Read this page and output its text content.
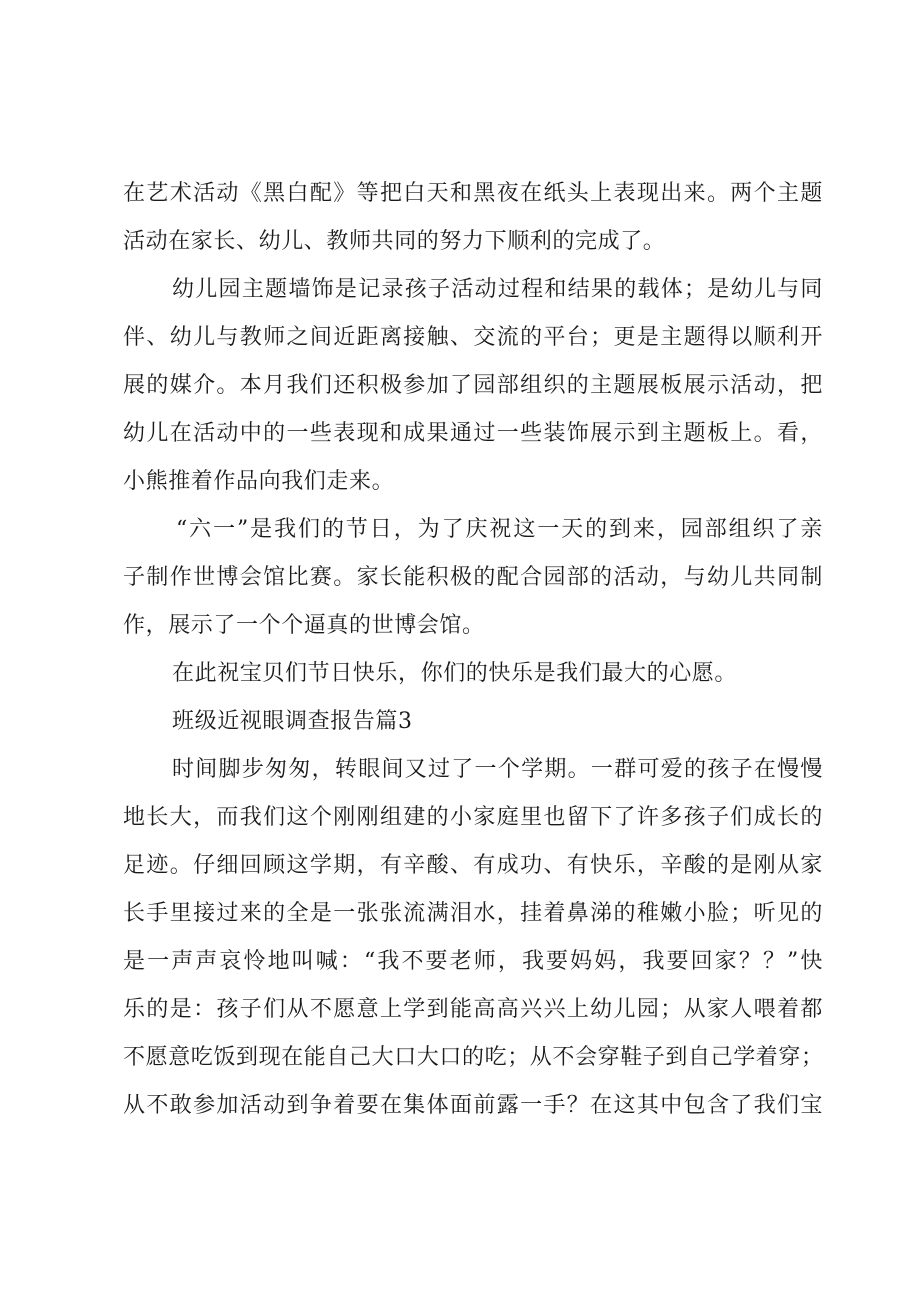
在艺术活动《黑白配》等把白天和黑夜在纸头上表现出来。两个主题
活动在家长、幼儿、教师共同的努力下顺利的完成了。
幼儿园主题墙饰是记录孩子活动过程和结果的载体；是幼儿与同
伴、幼儿与教师之间近距离接触、交流的平台；更是主题得以顺利开
展的媒介。本月我们还积极参加了园部组织的主题展板展示活动，把
幼儿在活动中的一些表现和成果通过一些装饰展示到主题板上。看，
小熊推着作品向我们走来。
“六一”是我们的节日，为了庆祝这一天的到来，园部组织了亲
子制作世博会馆比赛。家长能积极的配合园部的活动，与幼儿共同制
作，展示了一个个逼真的世博会馆。
在此祝宝贝们节日快乐，你们的快乐是我们最大的心愿。
班级近视眼调查报告篇3
时间脚步匆匆，转眼间又过了一个学期。一群可爱的孩子在慢慢
地长大，而我们这个刚刚组建的小家庭里也留下了许多孩子们成长的
足迹。仔细回顾这学期，有辛酸、有成功、有快乐，辛酸的是刚从家
长手里接过来的全是一张张流满泪水，挂着鼻涕的稚嫩小脸；听见的
是一声声哀怜地叫喊：“我不要老师，我要妈妈，我要回家？？”快
乐的是：孩子们从不愿意上学到能高高兴兴上幼儿园；从家人喂着都
不愿意吃饭到现在能自己大口大口的吃；从不会穿鞋子到自己学着穿；
从不敢参加活动到争着要在集体面前露一手？在这其中包含了我们宝
